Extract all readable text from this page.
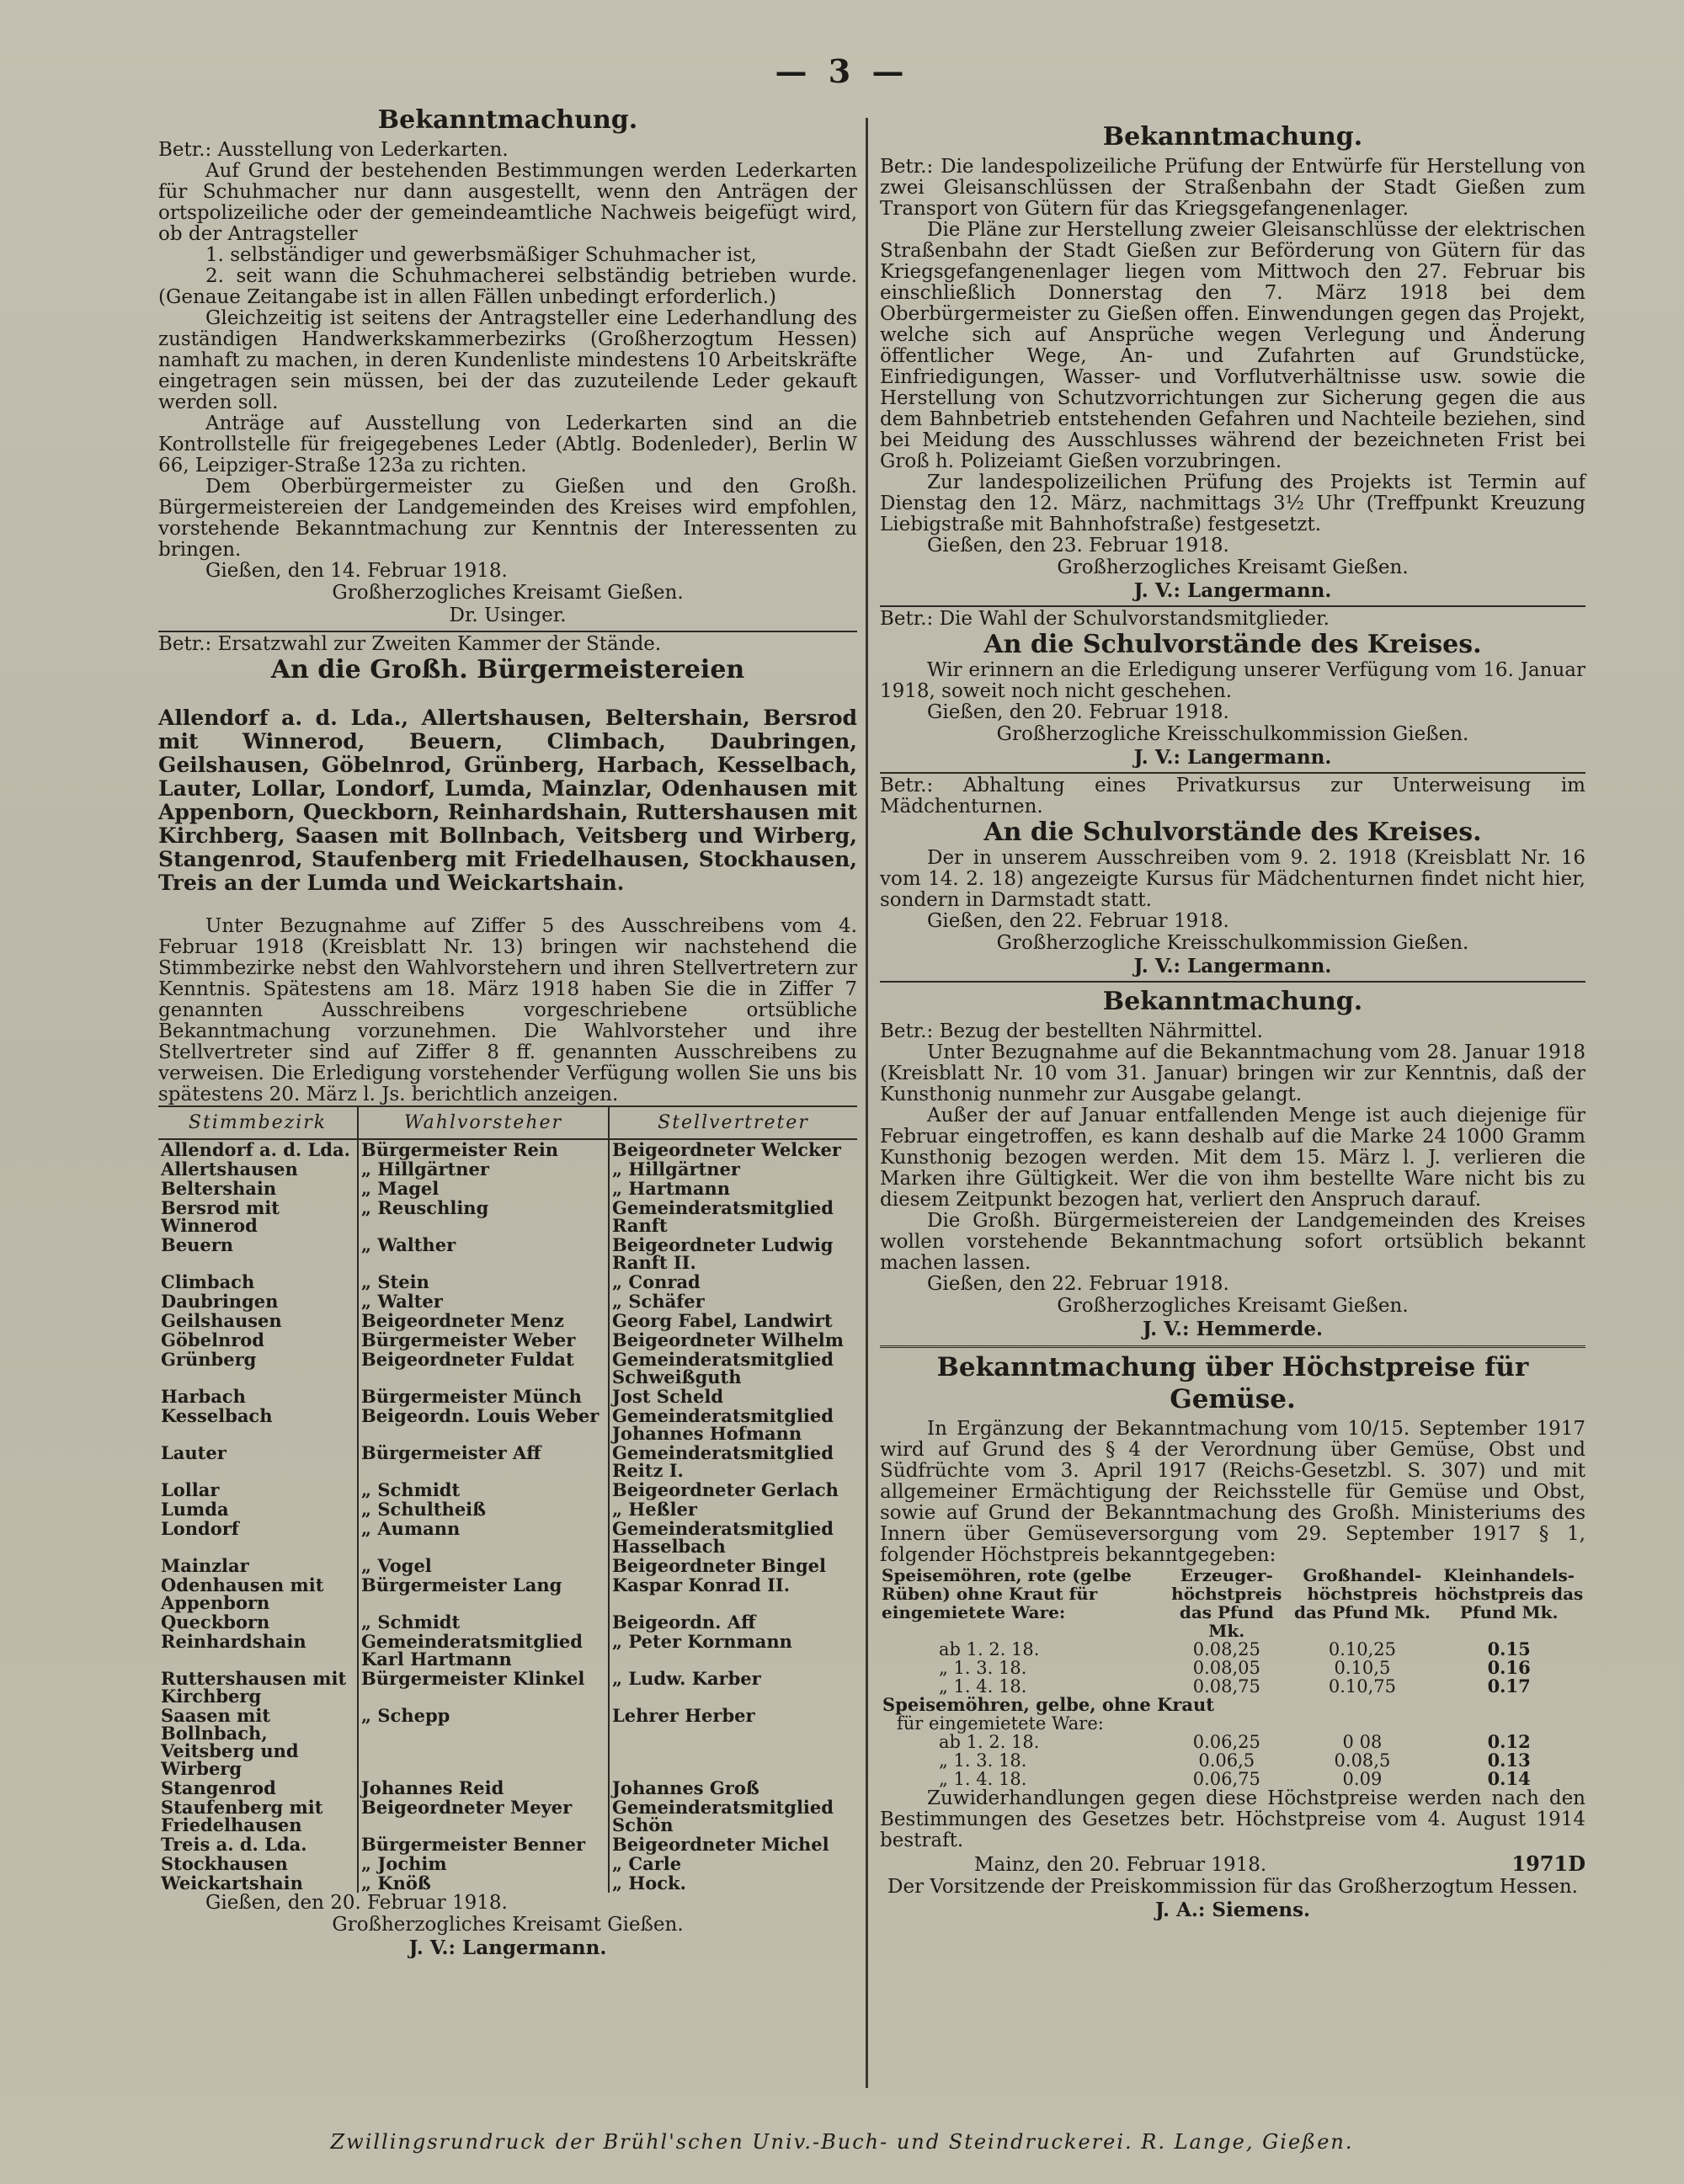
— 3 —
Bekanntmachung.

Betr.: Ausstellung von Lederkarten.

Auf Grund der bestehenden Bestimmungen werden Lederkarten für Schuhmacher nur dann ausgestellt, wenn den Anträgen der ortspolizeiliche oder der gemeindeamtliche Nachweis beigefügt wird, ob der Antragsteller

1. selbständiger und gewerbsmäßiger Schuhmacher ist,

2. seit wann die Schuhmacherei selbständig betrieben wurde. (Genaue Zeitangabe ist in allen Fällen unbedingt erforderlich.)

Gleichzeitig ist seitens der Antragsteller eine Lederhandlung des zuständigen Handwerkskammerbezirks (Großherzogtum Hessen) namhaft zu machen, in deren Kundenliste mindestens 10 Arbeitskräfte eingetragen sein müssen, bei der das zuzuteilende Leder gekauft werden soll.

Anträge auf Ausstellung von Lederkarten sind an die Kontrollstelle für freigegebenes Leder (Abtlg. Bodenleder), Berlin W 66, Leipziger-Straße 123a zu richten.

Dem Oberbürgermeister zu Gießen und den Großh. Bürgermeistereien der Landgemeinden des Kreises wird empfohlen, vorstehende Bekanntmachung zur Kenntnis der Interessenten zu bringen.

Gießen, den 14. Februar 1918.

Großherzogliches Kreisamt Gießen.
Dr. Usinger.

Betr.: Ersatzwahl zur Zweiten Kammer der Stände.

An die Großh. Bürgermeistereien

Allendorf a. d. Lda., Allertshausen, Beltershain, Bersrod mit Winnerod, Beuern, Climbach, Daubringen, Geilshausen, Göbelnrod, Grünberg, Harbach, Kesselbach, Lauter, Lollar, Londorf, Lumda, Mainzlar, Odenhausen mit Appenborn, Queckborn, Reinhardshain, Ruttershausen mit Kirchberg, Saasen mit Bollnbach, Veitsberg und Wirberg, Stangenrod, Staufenberg mit Friedelhausen, Stockhausen, Treis an der Lumda und Weickartshain.

Unter Bezugnahme auf Ziffer 5 des Ausschreibens vom 4. Februar 1918 (Kreisblatt Nr. 13) bringen wir nachstehend die Stimmbezirke nebst den Wahlvorstehern und ihren Stellvertretern zur Kenntnis. Spätestens am 18. März 1918 haben Sie die in Ziffer 7 genannten Ausschreibens vorgeschriebene ortsübliche Bekanntmachung vorzunehmen. Die Wahlvorsteher und ihre Stellvertreter sind auf Ziffer 8 ff. genannten Ausschreibens zu verweisen. Die Erledigung vorstehender Verfügung wollen Sie uns bis spätestens 20. März l. Js. berichtlich anzeigen.

Stimmbezirk	Wahlvorsteher	Stellvertreter
Allendorf a. d. Lda.	Bürgermeister Rein	Beigeordneter Welcker
Allertshausen	„ Hillgärtner	„ Hillgärtner
Beltershain	„ Magel	„ Hartmann
Bersrod mit Winnerod	„ Reuschling	Gemeinderatsmitglied Ranft
Beuern	„ Walther	Beigeordneter Ludwig Ranft II.
Climbach	„ Stein	„ Conrad
Daubringen	„ Walter	„ Schäfer
Geilshausen	Beigeordneter Menz	Georg Fabel, Landwirt
Göbelnrod	Bürgermeister Weber	Beigeordneter Wilhelm
Grünberg	Beigeordneter Fuldat	Gemeinderatsmitglied Schweißguth
Harbach	Bürgermeister Münch	Jost Scheld
Kesselbach	Beigeordn. Louis Weber	Gemeinderatsmitglied Johannes Hofmann
Lauter	Bürgermeister Aff	Gemeinderatsmitglied Reitz I.
Lollar	„ Schmidt	Beigeordneter Gerlach
Lumda	„ Schultheiß	„ Heßler
Londorf	„ Aumann	Gemeinderatsmitglied Hasselbach
Mainzlar	„ Vogel	Beigeordneter Bingel
Odenhausen mit Appenborn	Bürgermeister Lang	Kaspar Konrad II.
Queckborn	„ Schmidt	Beigeordn. Aff
Reinhardshain	Gemeinderatsmitglied Karl Hartmann	„ Peter Kornmann
Ruttershausen mit Kirchberg	Bürgermeister Klinkel	„ Ludw. Karber
Saasen mit Bollnbach, Veitsberg und Wirberg	„ Schepp	Lehrer Herber
Stangenrod	Johannes Reid	Johannes Groß
Staufenberg mit Friedelhausen	Beigeordneter Meyer	Gemeinderatsmitglied Schön
Treis a. d. Lda.	Bürgermeister Benner	Beigeordneter Michel
Stockhausen	„ Jochim	„ Carle
Weickartshain	„ Knöß	„ Hock.

Gießen, den 20. Februar 1918.

Großherzogliches Kreisamt Gießen.
J. V.: Langermann.
Bekanntmachung.

Betr.: Die landespolizeiliche Prüfung der Entwürfe für Herstellung von zwei Gleisanschlüssen der Straßenbahn der Stadt Gießen zum Transport von Gütern für das Kriegsgefangenenlager.

Die Pläne zur Herstellung zweier Gleisanschlüsse der elektrischen Straßenbahn der Stadt Gießen zur Beförderung von Gütern für das Kriegsgefangenenlager liegen vom Mittwoch den 27. Februar bis einschließlich Donnerstag den 7. März 1918 bei dem Oberbürgermeister zu Gießen offen. Einwendungen gegen das Projekt, welche sich auf Ansprüche wegen Verlegung und Änderung öffentlicher Wege, An- und Zufahrten auf Grundstücke, Einfriedigungen, Wasser- und Vorflutverhältnisse usw. sowie die Herstellung von Schutzvorrichtungen zur Sicherung gegen die aus dem Bahnbetrieb entstehenden Gefahren und Nachteile beziehen, sind bei Meidung des Ausschlusses während der bezeichneten Frist bei Groß h. Polizeiamt Gießen vorzubringen.

Zur landespolizeilichen Prüfung des Projekts ist Termin auf Dienstag den 12. März, nachmittags 3½ Uhr (Treffpunkt Kreuzung Liebigstraße mit Bahnhofstraße) festgesetzt.

Gießen, den 23. Februar 1918.

Großherzogliches Kreisamt Gießen.
J. V.: Langermann.

Betr.: Die Wahl der Schulvorstandsmitglieder.

An die Schulvorstände des Kreises.

Wir erinnern an die Erledigung unserer Verfügung vom 16. Januar 1918, soweit noch nicht geschehen.

Gießen, den 20. Februar 1918.

Großherzogliche Kreisschulkommission Gießen.
J. V.: Langermann.

Betr.: Abhaltung eines Privatkursus zur Unterweisung im Mädchenturnen.

An die Schulvorstände des Kreises.

Der in unserem Ausschreiben vom 9. 2. 1918 (Kreisblatt Nr. 16 vom 14. 2. 18) angezeigte Kursus für Mädchenturnen findet nicht hier, sondern in Darmstadt statt.

Gießen, den 22. Februar 1918.

Großherzogliche Kreisschulkommission Gießen.
J. V.: Langermann.
Bekanntmachung.

Betr.: Bezug der bestellten Nährmittel.

Unter Bezugnahme auf die Bekanntmachung vom 28. Januar 1918 (Kreisblatt Nr. 10 vom 31. Januar) bringen wir zur Kenntnis, daß der Kunsthonig nunmehr zur Ausgabe gelangt.

Außer der auf Januar entfallenden Menge ist auch diejenige für Februar eingetroffen, es kann deshalb auf die Marke 24 1000 Gramm Kunsthonig bezogen werden. Mit dem 15. März l. J. verlieren die Marken ihre Gültigkeit. Wer die von ihm bestellte Ware nicht bis zu diesem Zeitpunkt bezogen hat, verliert den Anspruch darauf.

Die Großh. Bürgermeistereien der Landgemeinden des Kreises wollen vorstehende Bekanntmachung sofort ortsüblich bekannt machen lassen.

Gießen, den 22. Februar 1918.

Großherzogliches Kreisamt Gießen.
J. V.: Hemmerde.
Bekanntmachung über Höchstpreise für Gemüse.

In Ergänzung der Bekanntmachung vom 10/15. September 1917 wird auf Grund des § 4 der Verordnung über Gemüse, Obst und Südfrüchte vom 3. April 1917 (Reichs-Gesetzbl. S. 307) und mit allgemeiner Ermächtigung der Reichsstelle für Gemüse und Obst, sowie auf Grund der Bekanntmachung des Großh. Ministeriums des Innern über Gemüseversorgung vom 29. September 1917 § 1, folgender Höchstpreis bekanntgegeben:

Speisemöhren, rote (gelbe Rüben) ohne Kraut für eingemietete Ware:	Erzeuger-höchstpreis das Pfund Mk.	Großhandel-höchstpreis das Pfund Mk.	Kleinhandels-höchstpreis das Pfund Mk.
ab 1. 2. 18.	0.08,25	0.10,25	0.15
„ 1. 3. 18.	0.08,05	0.10,5	0.16
„ 1. 4. 18.	0.08,75	0.10,75	0.17
Speisemöhren, gelbe, ohne Kraut			
für eingemietete Ware:			
ab 1. 2. 18.	0.06,25	0 08	0.12
„ 1. 3. 18.	0.06,5	0.08,5	0.13
„ 1. 4. 18.	0.06,75	0.09	0.14

Zuwiderhandlungen gegen diese Höchstpreise werden nach den Bestimmungen des Gesetzes betr. Höchstpreise vom 4. August 1914 bestraft.

Mainz, den 20. Februar 1918.	1971D
Der Vorsitzende der Preiskommission für das Großherzogtum Hessen.
J. A.: Siemens.
Zwillingsrundruck der Brühl'schen Univ.-Buch- und Steindruckerei. R. Lange, Gießen.
